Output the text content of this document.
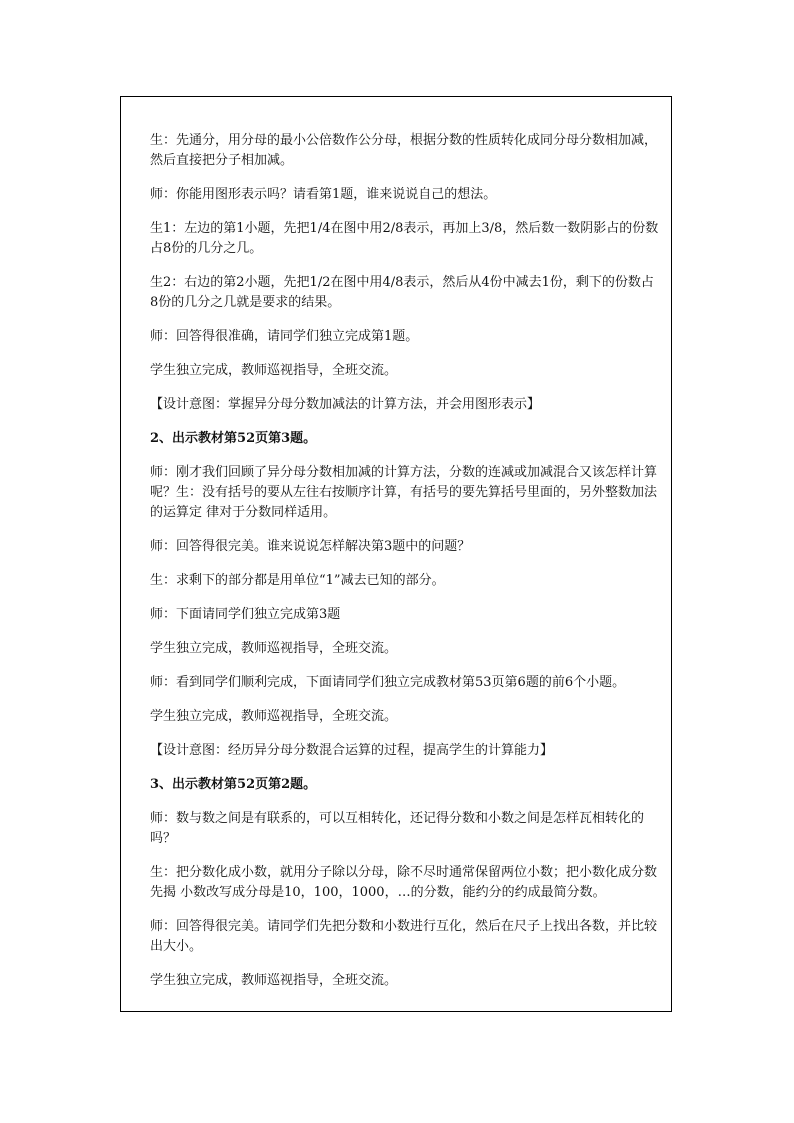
生：先通分，用分母的最小公倍数作公分母，根据分数的性质转化成同分母分数相加减，然后直接把分子相加减。

师：你能用图形表示吗？请看第1题，谁来说说自己的想法。

生1：左边的第1小题，先把1/4在图中用2/8表示，再加上3/8，然后数一数阴影占的份数占8份的几分之几。

生2：右边的第2小题，先把1/2在图中用4/8表示，然后从4份中减去1份，剩下的份数占8份的几分之几就是要求的结果。

师：回答得很准确，请同学们独立完成第1题。

学生独立完成，教师巡视指导，全班交流。

【设计意图：掌握异分母分数加减法的计算方法，并会用图形表示】

2、出示教材第52页第3题。

师：刚才我们回顾了异分母分数相加减的计算方法，分数的连减或加减混合又该怎样计算呢？生：没有括号的要从左往右按顺序计算，有括号的要先算括号里面的，另外整数加法的运算定 律对于分数同样适用。

师：回答得很完美。谁来说说怎样解决第3题中的问题？

生：求剩下的部分都是用单位“1”减去已知的部分。

师：下面请同学们独立完成第3题

学生独立完成，教师巡视指导，全班交流。

师：看到同学们顺利完成，下面请同学们独立完成教材第53页第6题的前6个小题。

学生独立完成，教师巡视指导，全班交流。

【设计意图：经历异分母分数混合运算的过程，提高学生的计算能力】

3、出示教材第52页第2题。

师：数与数之间是有联系的，可以互相转化，还记得分数和小数之间是怎样瓦相转化的吗？

生：把分数化成小数，就用分子除以分母，除不尽时通常保留两位小数；把小数化成分数先揭 小数改写成分母是10，100，1000，…的分数，能约分的约成最简分数。

师：回答得很完美。请同学们先把分数和小数进行互化，然后在尺子上找出各数，并比较出大小。

学生独立完成，教师巡视指导，全班交流。
